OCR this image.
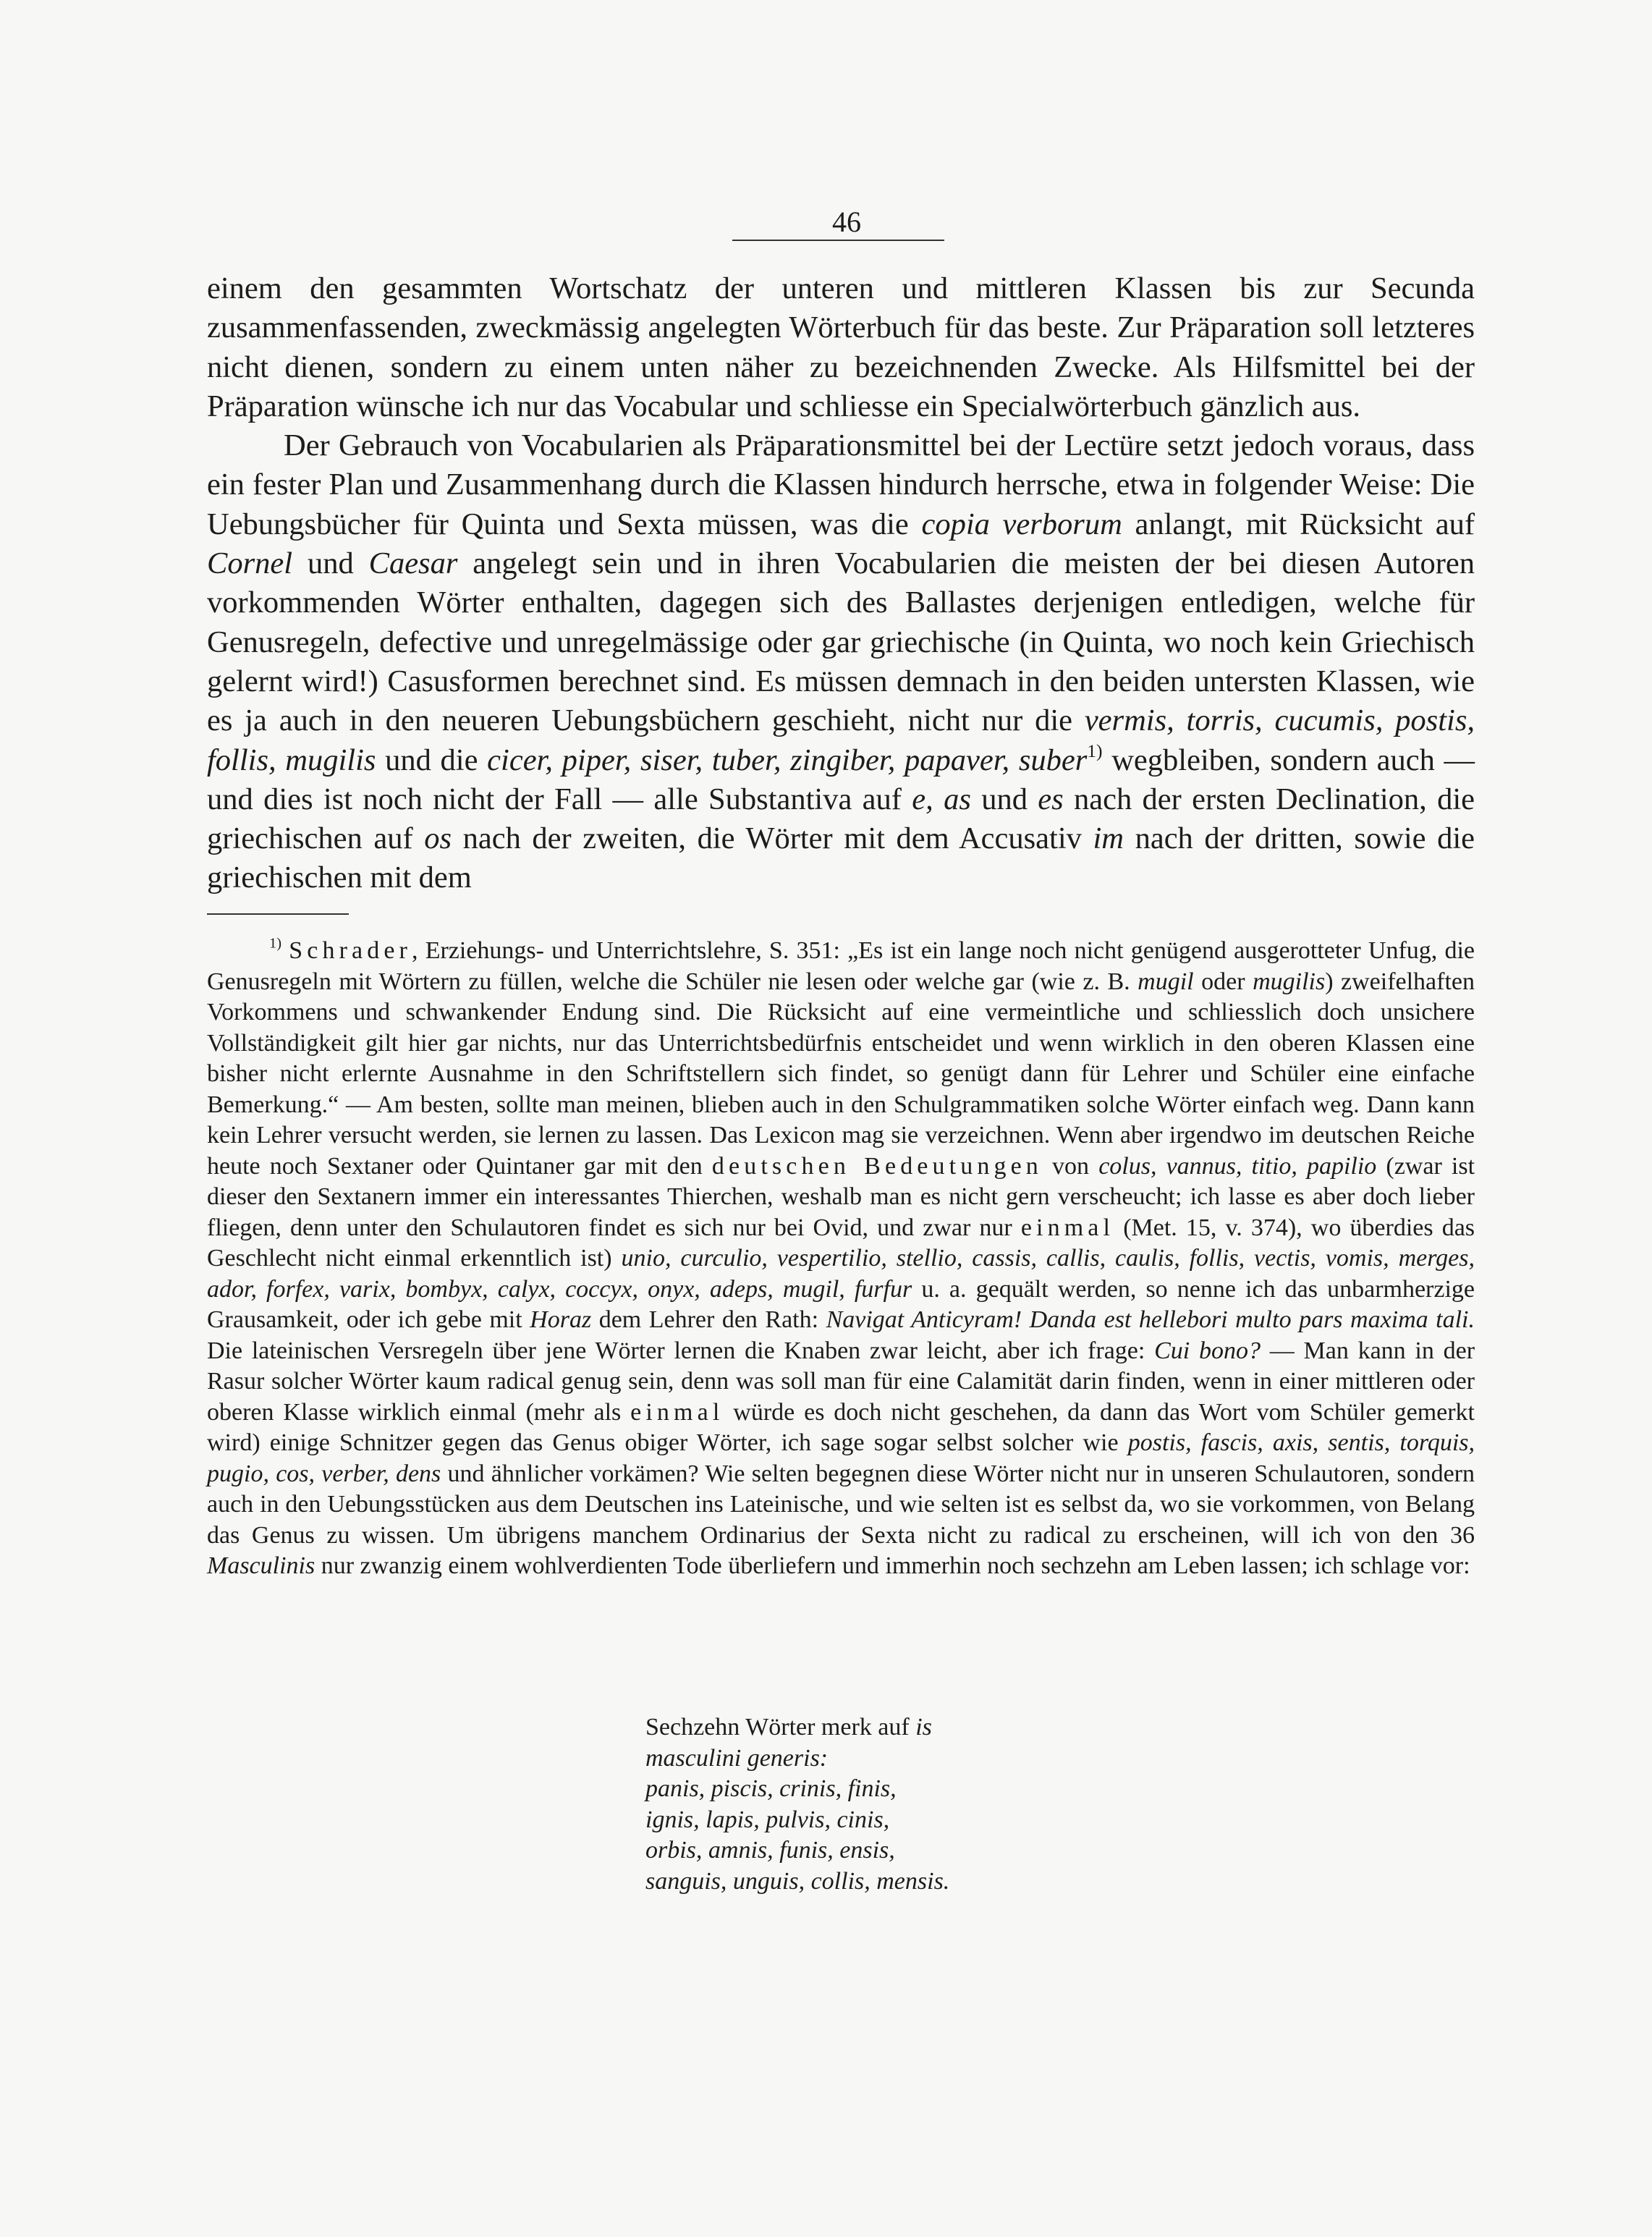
46

einem den gesammten Wortschatz der unteren und mittleren Klassen bis zur Secunda zusammenfassenden, zweckmässig angelegten Wörterbuch für das beste. Zur Präparation soll letzteres nicht dienen, sondern zu einem unten näher zu bezeichnenden Zwecke. Als Hilfsmittel bei der Präparation wünsche ich nur das Vocabular und schliesse ein Specialwörterbuch gänzlich aus.

Der Gebrauch von Vocabularien als Präparationsmittel bei der Lectüre setzt jedoch voraus, dass ein fester Plan und Zusammenhang durch die Klassen hindurch herrsche, etwa in folgender Weise: Die Uebungsbücher für Quinta und Sexta müssen, was die copia verborum anlangt, mit Rücksicht auf Cornel und Caesar angelegt sein und in ihren Vocabularien die meisten der bei diesen Autoren vorkommenden Wörter enthalten, dagegen sich des Ballastes derjenigen entledigen, welche für Genusregeln, defective und unregelmässige oder gar griechische (in Quinta, wo noch kein Griechisch gelernt wird!) Casusformen berechnet sind. Es müssen demnach in den beiden untersten Klassen, wie es ja auch in den neueren Uebungsbüchern geschieht, nicht nur die vermis, torris, cucumis, postis, follis, mugilis und die cicer, piper, siser, tuber, zingiber, papaver, suber$^{1)}$ wegbleiben, sondern auch — und dies ist noch nicht der Fall — alle Substantiva auf e, as und es nach der ersten Declination, die griechischen auf os nach der zweiten, die Wörter mit dem Accusativ im nach der dritten, sowie die griechischen mit dem

$^{1)}$ Schrader, Erziehungs- und Unterrichtslehre, S. 351: „Es ist ein lange noch nicht genügend ausgerotteter Unfug, die Genusregeln mit Wörtern zu füllen, welche die Schüler nie lesen oder welche gar (wie z. B. mugil oder mugilis) zweifelhaften Vorkommens und schwankender Endung sind. Die Rücksicht auf eine vermeintliche und schliesslich doch unsichere Vollständigkeit gilt hier gar nichts, nur das Unterrichtsbedürfnis entscheidet und wenn wirklich in den oberen Klassen eine bisher nicht erlernte Ausnahme in den Schriftstellern sich findet, so genügt dann für Lehrer und Schüler eine einfache Bemerkung.“ — Am besten, sollte man meinen, blieben auch in den Schulgrammatiken solche Wörter einfach weg. Dann kann kein Lehrer versucht werden, sie lernen zu lassen. Das Lexicon mag sie verzeichnen. Wenn aber irgendwo im deutschen Reiche heute noch Sextaner oder Quintaner gar mit den deutschen Bedeutungen von colus, vannus, titio, papilio (zwar ist dieser den Sextanern immer ein interessantes Thierchen, weshalb man es nicht gern verscheucht; ich lasse es aber doch lieber fliegen, denn unter den Schulautoren findet es sich nur bei Ovid, und zwar nur einmal (Met. 15, v. 374), wo überdies das Geschlecht nicht einmal erkenntlich ist) unio, curculio, vespertilio, stellio, cassis, callis, caulis, follis, vectis, vomis, merges, ador, forfex, varix, bombyx, calyx, coccyx, onyx, adeps, mugil, furfur u. a. gequält werden, so nenne ich das unbarmherzige Grausamkeit, oder ich gebe mit Horaz dem Lehrer den Rath: Navigat Anticyram! Danda est hellebori multo pars maxima tali. Die lateinischen Versregeln über jene Wörter lernen die Knaben zwar leicht, aber ich frage: Cui bono? — Man kann in der Rasur solcher Wörter kaum radical genug sein, denn was soll man für eine Calamität darin finden, wenn in einer mittleren oder oberen Klasse wirklich einmal (mehr als einmal würde es doch nicht geschehen, da dann das Wort vom Schüler gemerkt wird) einige Schnitzer gegen das Genus obiger Wörter, ich sage sogar selbst solcher wie postis, fascis, axis, sentis, torquis, pugio, cos, verber, dens und ähnlicher vorkämen? Wie selten begegnen diese Wörter nicht nur in unseren Schulautoren, sondern auch in den Uebungsstücken aus dem Deutschen ins Lateinische, und wie selten ist es selbst da, wo sie vorkommen, von Belang das Genus zu wissen. Um übrigens manchem Ordinarius der Sexta nicht zu radical zu erscheinen, will ich von den 36 Masculinis nur zwanzig einem wohlverdienten Tode überliefern und immerhin noch sechzehn am Leben lassen; ich schlage vor:

Sechzehn Wörter merk auf is
masculini generis:
panis, piscis, crinis, finis,
ignis, lapis, pulvis, cinis,
orbis, amnis, funis, ensis,
sanguis, unguis, collis, mensis.
